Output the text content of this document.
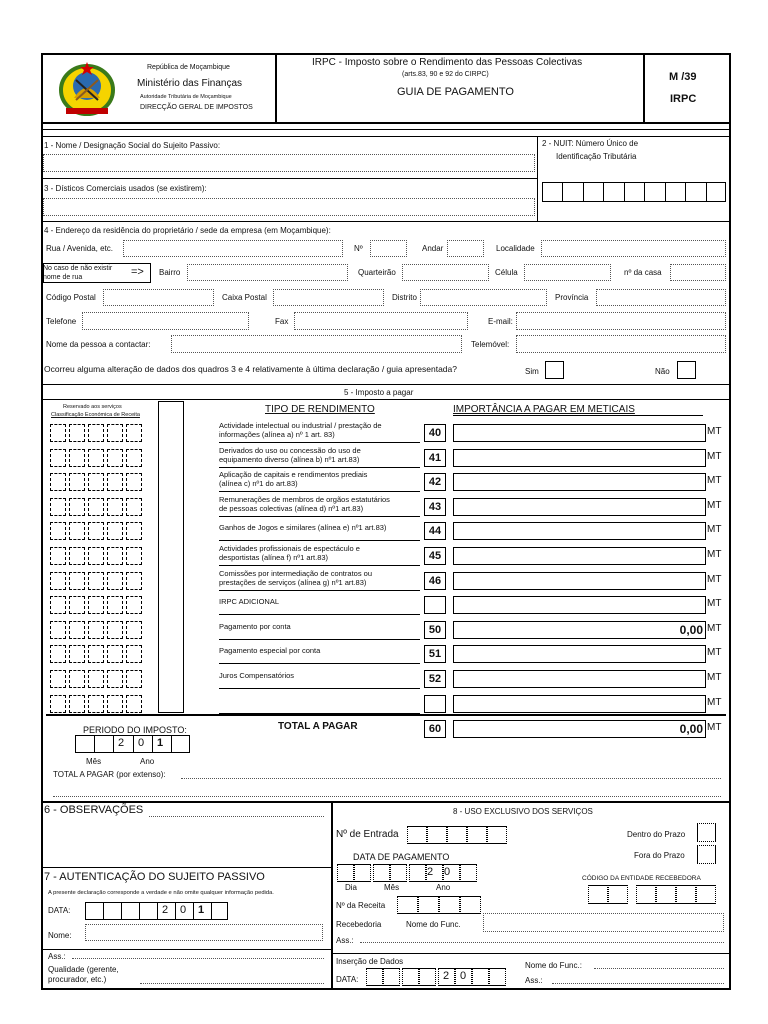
República de Moçambique
Ministério das Finanças
Autoridade Tributária de Moçambique
DIRECÇÃO GERAL DE IMPOSTOS
IRPC - Imposto sobre o Rendimento das Pessoas Colectivas
(arts.83, 90 e 92 do CIRPC)
GUIA DE PAGAMENTO
M /39
IRPC
1 - Nome / Designação Social do Sujeito Passivo:	2 - NUIT: Número Único de
Identificação Tributária
3 - Dísticos Comerciais usados (se existirem):
4 - Endereço da residência do proprietário / sede da empresa (em Moçambique):
Rua / Avenida, etc.	Nº	Andar	Localidade
No caso de não existir
nome de rua	=> Bairro	Quarteirão	Célula	nº da casa
Código Postal	Caixa Postal	Distrito	Província
Telefone	Fax	E-mail:
Nome da pessoa a contactar:	Telemóvel:
Ocorreu alguma alteração de dados dos quadros 3 e 4 relativamente à última declaração / guia apresentada?	Sim	Não
5 - Imposto a pagar
Reservado aos serviços
Classificação Económica de Receita	TIPO DE RENDIMENTO	IMPORTÂNCIA A PAGAR EM METICAIS
Actividade intelectual ou industrial / prestação de
informações (alínea a) nº 1 art. 83)	40	MT
Derivados do uso ou concessão do uso de
equipamento diverso (alínea b) nº1 art.83)	41	MT
Aplicação de capitais e rendimentos prediais
(alínea c) nº1 do art.83)	42	MT
Remunerações de membros de orgãos estatutários
de pessoas colectivas (alínea d) nº1 art.83)	43	MT
Ganhos de Jogos e similares (alínea e) nº1 art.83)	44	MT
Actividades profissionais de espectáculo e
desportistas (alínea f) nº1 art.83)	45	MT
Comissões por intermediação de contratos ou
prestações de serviços (alínea g) nº1 art.83)	46	MT
IRPC ADICIONAL	MT
Pagamento por conta	50	0,00 MT
Pagamento especial por conta	51	MT
Juros Compensatórios	52	MT
MT
PERIODO DO IMPOSTO:
2 0 1
Mês	Ano
TOTAL A PAGAR	60	0,00 MT
TOTAL A PAGAR (por extenso):
6 - OBSERVAÇÕES
7 - AUTENTICAÇÃO DO SUJEITO PASSIVO
A presente declaração corresponde a verdade e não omite qualquer informação pedida.
DATA:	2 0 1
Nome:
Ass.:
Qualidade (gerente,
procurador, etc.)
8 - USO EXCLUSIVO DOS SERVIÇOS
Nº de Entrada	Dentro do Prazo
Fora do Prazo
DATA DE PAGAMENTO
2 0
Dia	Mês	Ano
CÓDIGO DA ENTIDADE RECEBEDORA
Nº da Receita
Recebedoria	Nome do Func.
Ass.:
Inserção de Dados
DATA:	2 0
Nome do Func.:
Ass.:
